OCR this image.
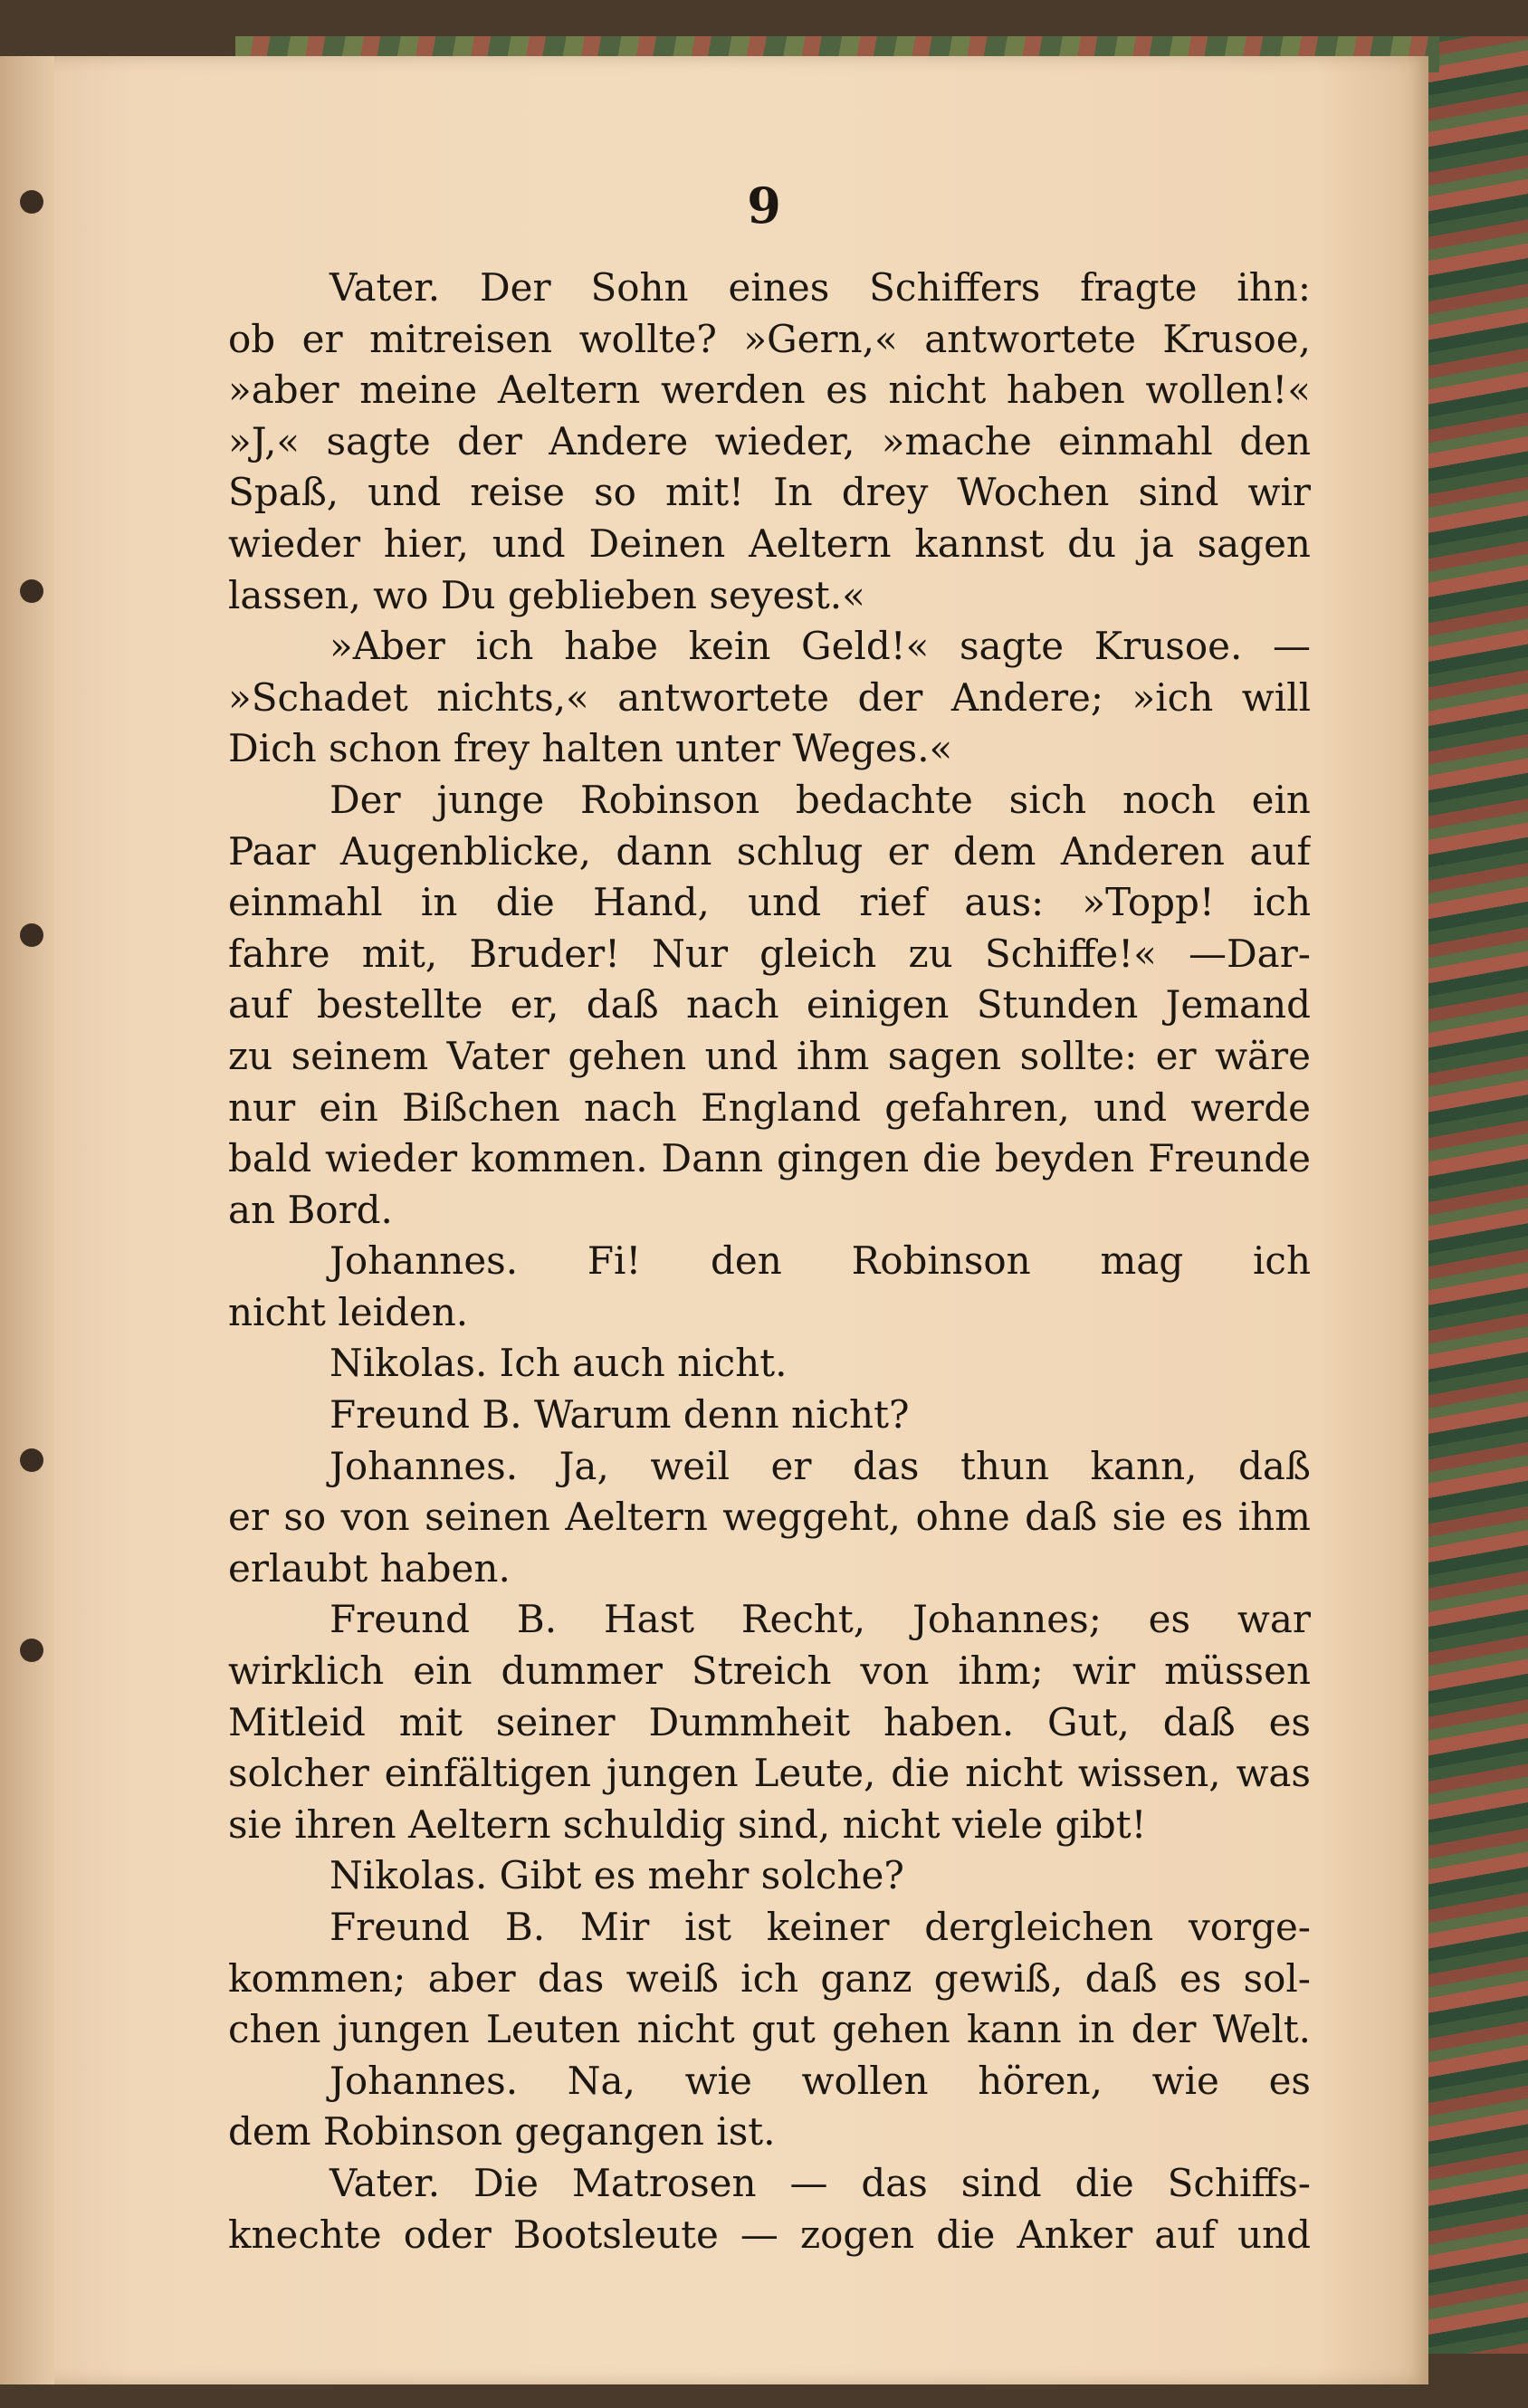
9
Vater. Der Sohn eines Schiffers fragte ihn:
ob er mitreisen wollte? »Gern,« antwortete Krusoe,
»aber meine Aeltern werden es nicht haben wollen!«
»J,« sagte der Andere wieder, »mache einmahl den
Spaß, und reise so mit! In drey Wochen sind wir
wieder hier, und Deinen Aeltern kannst du ja sagen
lassen, wo Du geblieben seyest.«
»Aber ich habe kein Geld!« sagte Krusoe. —
»Schadet nichts,« antwortete der Andere; »ich will
Dich schon frey halten unter Weges.«
Der junge Robinson bedachte sich noch ein
Paar Augenblicke, dann schlug er dem Anderen auf
einmahl in die Hand, und rief aus: »Topp! ich
fahre mit, Bruder! Nur gleich zu Schiffe!« —Dar-
auf bestellte er, daß nach einigen Stunden Jemand
zu seinem Vater gehen und ihm sagen sollte: er wäre
nur ein Bißchen nach England gefahren, und werde
bald wieder kommen. Dann gingen die beyden Freunde
an Bord.
Johannes. Fi! den Robinson mag ich
nicht leiden.
Nikolas. Ich auch nicht.
Freund B. Warum denn nicht?
Johannes. Ja, weil er das thun kann, daß
er so von seinen Aeltern weggeht, ohne daß sie es ihm
erlaubt haben.
Freund B. Hast Recht, Johannes; es war
wirklich ein dummer Streich von ihm; wir müssen
Mitleid mit seiner Dummheit haben. Gut, daß es
solcher einfältigen jungen Leute, die nicht wissen, was
sie ihren Aeltern schuldig sind, nicht viele gibt!
Nikolas. Gibt es mehr solche?
Freund B. Mir ist keiner dergleichen vorge-
kommen; aber das weiß ich ganz gewiß, daß es sol-
chen jungen Leuten nicht gut gehen kann in der Welt.
Johannes. Na, wie wollen hören, wie es
dem Robinson gegangen ist.
Vater. Die Matrosen — das sind die Schiffs-
knechte oder Bootsleute — zogen die Anker auf und
